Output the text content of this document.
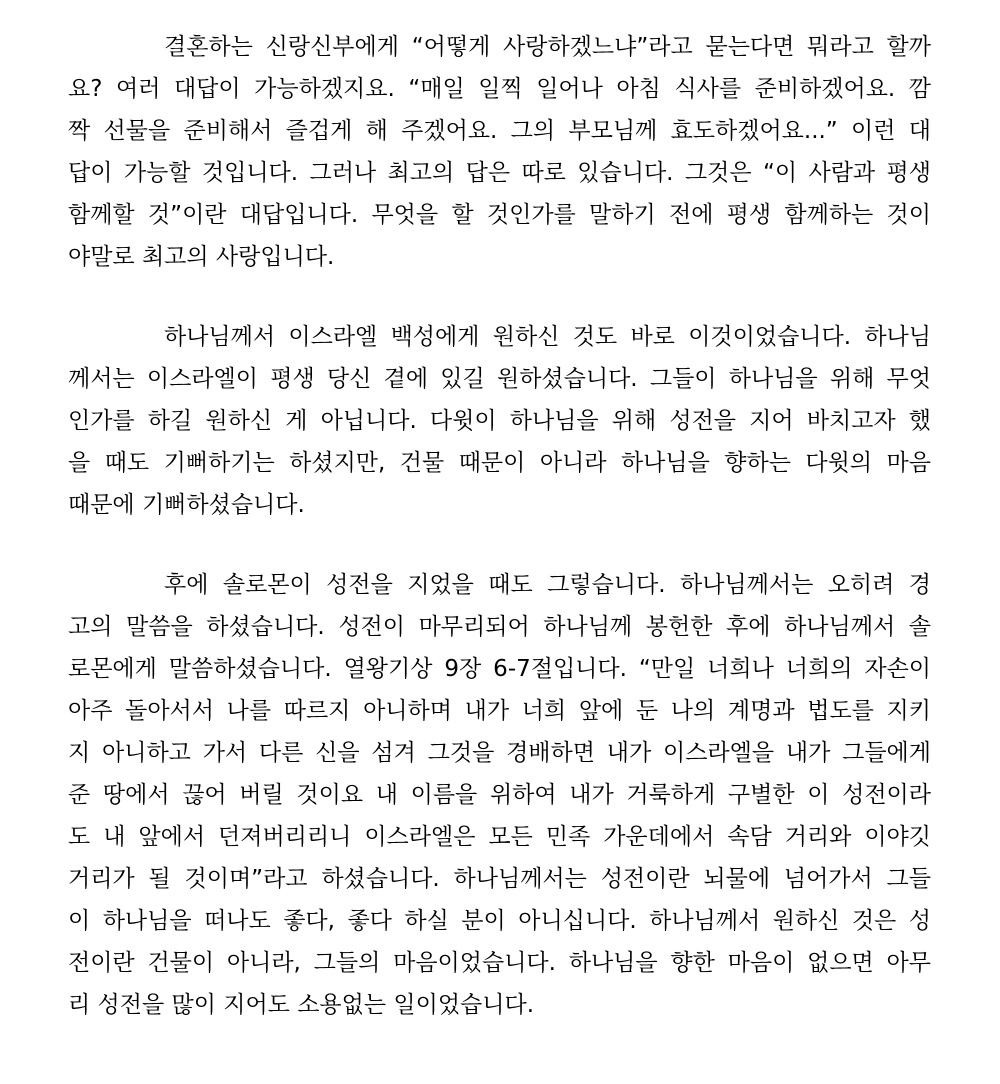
결혼하는 신랑신부에게 “어떻게 사랑하겠느냐”라고 묻는다면 뭐라고 할까
요? 여러 대답이 가능하겠지요. “매일 일찍 일어나 아침 식사를 준비하겠어요. 깜
짝 선물을 준비해서 즐겁게 해 주겠어요. 그의 부모님께 효도하겠어요...” 이런 대
답이 가능할 것입니다. 그러나 최고의 답은 따로 있습니다. 그것은 “이 사람과 평생
함께할 것”이란 대답입니다. 무엇을 할 것인가를 말하기 전에 평생 함께하는 것이
야말로 최고의 사랑입니다.
하나님께서 이스라엘 백성에게 원하신 것도 바로 이것이었습니다. 하나님
께서는 이스라엘이 평생 당신 곁에 있길 원하셨습니다. 그들이 하나님을 위해 무엇
인가를 하길 원하신 게 아닙니다. 다윗이 하나님을 위해 성전을 지어 바치고자 했
을 때도 기뻐하기는 하셨지만, 건물 때문이 아니라 하나님을 향하는 다윗의 마음
때문에 기뻐하셨습니다.
후에 솔로몬이 성전을 지었을 때도 그렇습니다. 하나님께서는 오히려 경
고의 말씀을 하셨습니다. 성전이 마무리되어 하나님께 봉헌한 후에 하나님께서 솔
로몬에게 말씀하셨습니다. 열왕기상 9장 6-7절입니다. “만일 너희나 너희의 자손이
아주 돌아서서 나를 따르지 아니하며 내가 너희 앞에 둔 나의 계명과 법도를 지키
지 아니하고 가서 다른 신을 섬겨 그것을 경배하면 내가 이스라엘을 내가 그들에게
준 땅에서 끊어 버릴 것이요 내 이름을 위하여 내가 거룩하게 구별한 이 성전이라
도 내 앞에서 던져버리리니 이스라엘은 모든 민족 가운데에서 속담 거리와 이야깃
거리가 될 것이며”라고 하셨습니다. 하나님께서는 성전이란 뇌물에 넘어가서 그들
이 하나님을 떠나도 좋다, 좋다 하실 분이 아니십니다. 하나님께서 원하신 것은 성
전이란 건물이 아니라, 그들의 마음이었습니다. 하나님을 향한 마음이 없으면 아무
리 성전을 많이 지어도 소용없는 일이었습니다.
